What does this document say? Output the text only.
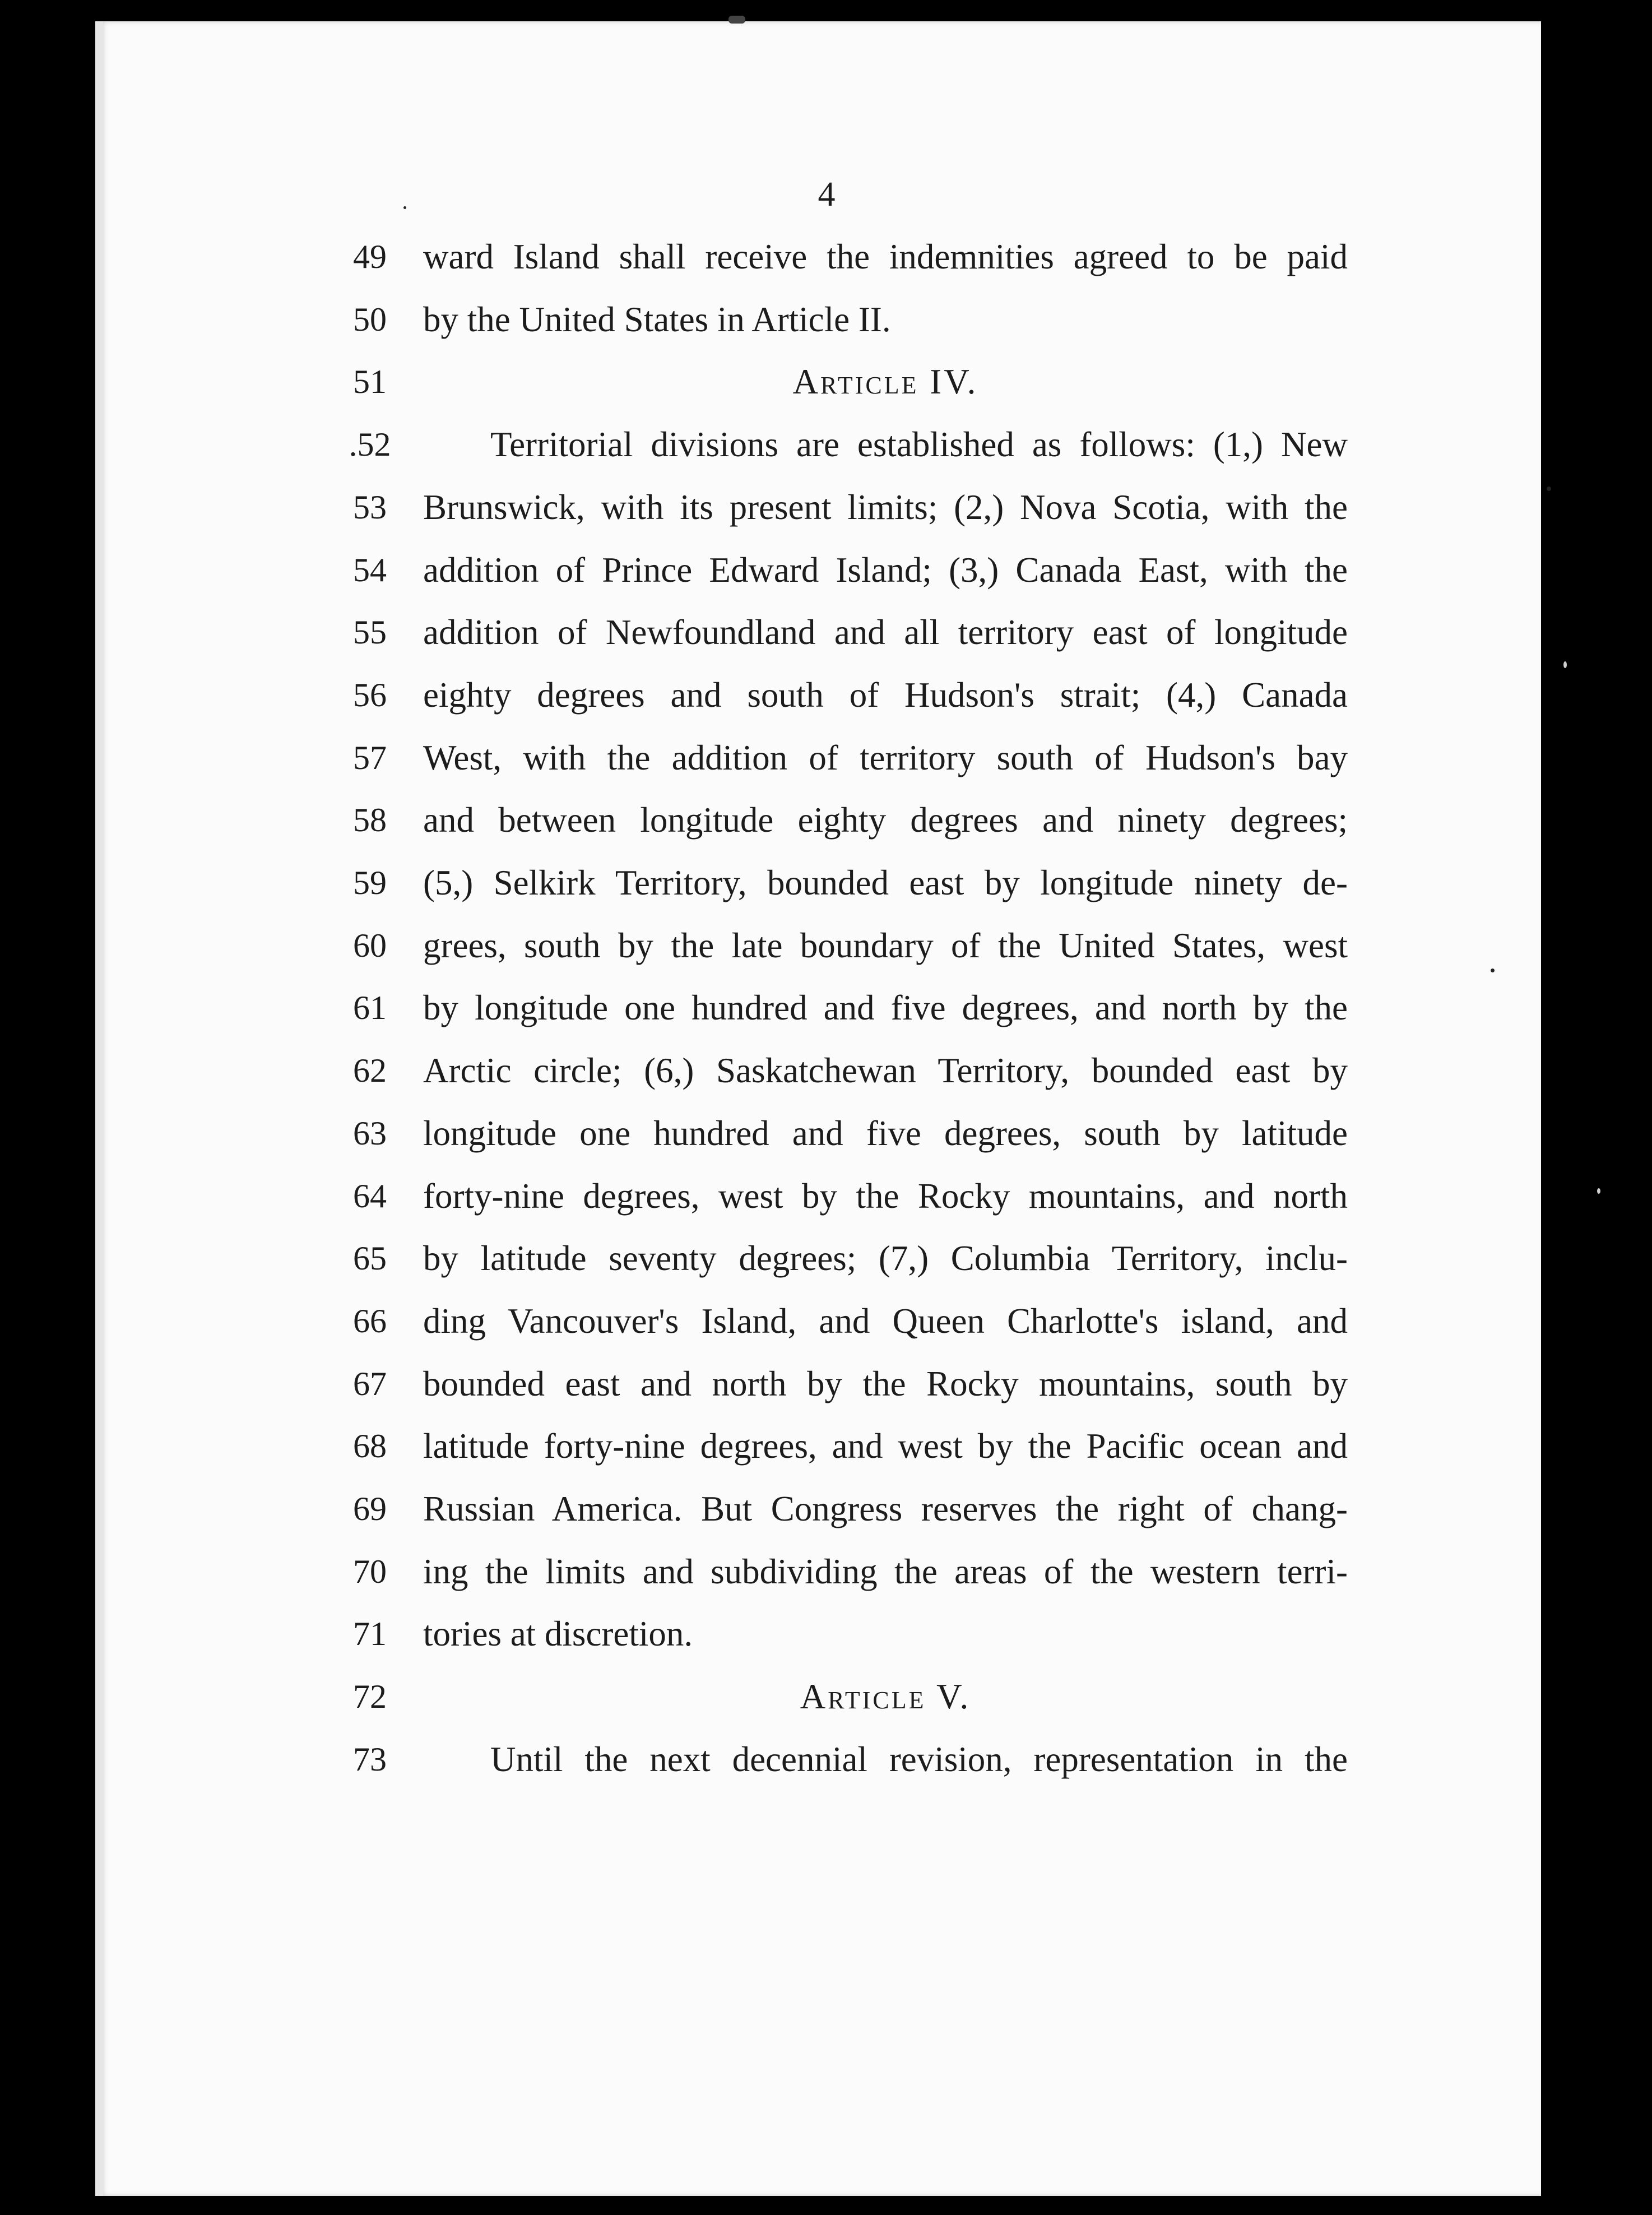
4
49	ward Island shall receive the indemnities agreed to be paid
50	by the United States in Article II.
51	Article IV.
.52	Territorial divisions are established as follows: (1,) New
53	Brunswick, with its present limits; (2,) Nova Scotia, with the
54	addition of Prince Edward Island; (3,) Canada East, with the
55	addition of Newfoundland and all territory east of longitude
56	eighty degrees and south of Hudson's strait; (4,) Canada
57	West, with the addition of territory south of Hudson's bay
58	and between longitude eighty degrees and ninety degrees;
59	(5,) Selkirk Territory, bounded east by longitude ninety de-
60	grees, south by the late boundary of the United States, west
61	by longitude one hundred and five degrees, and north by the
62	Arctic circle; (6,) Saskatchewan Territory, bounded east by
63	longitude one hundred and five degrees, south by latitude
64	forty-nine degrees, west by the Rocky mountains, and north
65	by latitude seventy degrees; (7,) Columbia Territory, inclu-
66	ding Vancouver's Island, and Queen Charlotte's island, and
67	bounded east and north by the Rocky mountains, south by
68	latitude forty-nine degrees, and west by the Pacific ocean and
69	Russian America. But Congress reserves the right of chang-
70	ing the limits and subdividing the areas of the western terri-
71	tories at discretion.
72	Article V.
73	Until the next decennial revision, representation in the
